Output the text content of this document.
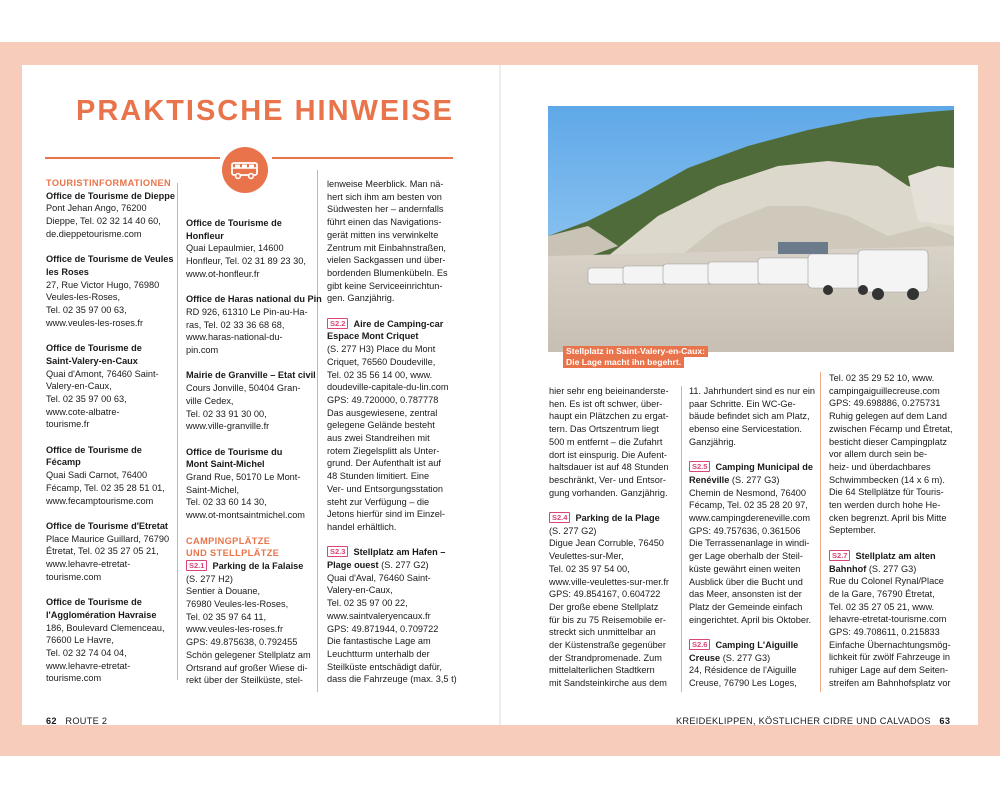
PRAKTISCHE HINWEISE
TOURISTINFORMATIONEN
Office de Tourisme de Dieppe
Pont Jehan Ango, 76200
Dieppe, Tel. 02 32 14 40 60,
de.dieppetourisme.com
Office de Tourisme de Veules
les Roses
27, Rue Victor Hugo, 76980
Veules-les-Roses,
Tel. 02 35 97 00 63,
www.veules-les-roses.fr
Office de Tourisme de
Saint-Valery-en-Caux
Quai d'Amont, 76460 Saint-
Valery-en-Caux,
Tel. 02 35 97 00 63,
www.cote-albatre-
tourisme.fr
Office de Tourisme de
Fécamp
Quai Sadi Carnot, 76400
Fécamp, Tel. 02 35 28 51 01,
www.fecamptourisme.com
Office de Tourisme d'Etretat
Place Maurice Guillard, 76790
Étretat, Tel. 02 35 27 05 21,
www.lehavre-etretat-
tourisme.com
Office de Tourisme de
l'Agglomération Havraise
186, Boulevard Clemenceau,
76600 Le Havre,
Tel. 02 32 74 04 04,
www.lehavre-etretat-
tourisme.com
Office de Tourisme de
Honfleur
Quai Lepaulmier, 14600
Honfleur, Tel. 02 31 89 23 30,
www.ot-honfleur.fr
Office de Haras national du Pin
RD 926, 61310 Le Pin-au-Ha-
ras, Tel. 02 33 36 68 68,
www.haras-national-du-
pin.com
Mairie de Granville – Etat civil
Cours Jonville, 50404 Gran-
ville Cedex,
Tel. 02 33 91 30 00,
www.ville-granville.fr
Office de Tourisme du
Mont Saint-Michel
Grand Rue, 50170 Le Mont-
Saint-Michel,
Tel. 02 33 60 14 30,
www.ot-montsaintmichel.com
CAMPINGPLÄTZE
UND STELLPLÄTZE
S2.1 Parking de la Falaise
(S. 277 H2)
Sentier à Douane,
76980 Veules-les-Roses,
Tel. 02 35 97 64 11,
www.veules-les-roses.fr
GPS: 49.875638, 0.792455
Schön gelegener Stellplatz am
Ortsrand auf großer Wiese di-
rekt über der Steilküste, stel-
lenweise Meerblick. Man nä-
hert sich ihm am besten von
Südwesten her – andernfalls
führt einen das Navigations-
gerät mitten ins verwinkelte
Zentrum mit Einbahnstraßen,
vielen Sackgassen und über-
bordenden Blumenkübeln. Es
gibt keine Serviceeinrichtun-
gen. Ganzjährig.
S2.2 Aire de Camping-car
Espace Mont Criquet
(S. 277 H3) Place du Mont
Criquet, 76560 Doudeville,
Tel. 02 35 56 14 00, www.
doudeville-capitale-du-lin.com
GPS: 49.720000, 0.787778
Das ausgewiesene, zentral
gelegene Gelände besteht
aus zwei Standreihen mit
rotem Ziegelsplitt als Unter-
grund. Der Aufenthalt ist auf
48 Stunden limitiert. Eine
Ver- und Entsorgungsstation
steht zur Verfügung – die
Jetons hierfür sind im Einzel-
handel erhältlich.
S2.3 Stellplatz am Hafen –
Plage ouest (S. 277 G2)
Quai d'Aval, 76460 Saint-
Valery-en-Caux,
Tel. 02 35 97 00 22,
www.saintvaleryencaux.fr
GPS: 49.871944, 0.709722
Die fantastische Lage am
Leuchtturm unterhalb der
Steilküste entschädigt dafür,
dass die Fahrzeuge (max. 3,5 t)
hier sehr eng beieinanderste-
hen. Es ist oft schwer, über-
haupt ein Plätzchen zu ergat-
tern. Das Ortszentrum liegt
500 m entfernt – die Zufahrt
dort ist einspurig. Die Aufent-
haltsdauer ist auf 48 Stunden
beschränkt, Ver- und Entsor-
gung vorhanden. Ganzjährig.
S2.4 Parking de la Plage
(S. 277 G2)
Digue Jean Corruble, 76450
Veulettes-sur-Mer,
Tel. 02 35 97 54 00,
www.ville-veulettes-sur-mer.fr
GPS: 49.854167, 0.604722
Der große ebene Stellplatz
für bis zu 75 Reisemobile er-
streckt sich unmittelbar an
der Küstenstraße gegenüber
der Strandpromenade. Zum
mittelalterlichen Stadtkern
mit Sandsteinkirche aus dem
11. Jahrhundert sind es nur ein
paar Schritte. Ein WC-Ge-
bäude befindet sich am Platz,
ebenso eine Servicestation.
Ganzjährig.
S2.5 Camping Municipal de
Renéville (S. 277 G3)
Chemin de Nesmond, 76400
Fécamp, Tel. 02 35 28 20 97,
www.campingdereneville.com
GPS: 49.757636, 0.361506
Die Terrassenanlage in windi-
ger Lage oberhalb der Steil-
küste gewährt einen weiten
Ausblick über die Bucht und
das Meer, ansonsten ist der
Platz der Gemeinde einfach
eingerichtet. April bis Oktober.
S2.6 Camping L'Aiguille
Creuse (S. 277 G3)
24, Résidence de l'Aiguille
Creuse, 76790 Les Loges,
Tel. 02 35 29 52 10, www.
campingaiguillecreuse.com
GPS: 49.698886, 0.275731
Ruhig gelegen auf dem Land
zwischen Fécamp und Étretat,
besticht dieser Campingplatz
vor allem durch sein be-
heiz- und überdachbares
Schwimmbecken (14 x 6 m).
Die 64 Stellplätze für Touris-
ten werden durch hohe He-
cken begrenzt. April bis Mitte
September.
S2.7 Stellplatz am alten
Bahnhof (S. 277 G3)
Rue du Colonel Rynal/Place
de la Gare, 76790 Étretat,
Tel. 02 35 27 05 21, www.
lehavre-etretat-tourisme.com
GPS: 49.708611, 0.215833
Einfache Übernachtungsmög-
lichkeit für zwölf Fahrzeuge in
ruhiger Lage auf dem Seiten-
streifen am Bahnhofsplatz vor
Stellplatz in Saint-Valery-en-Caux:
Die Lage macht ihn begehrt.
62 ROUTE 2	KREIDEKLIPPEN, KÖSTLICHER CIDRE UND CALVADOS 63
